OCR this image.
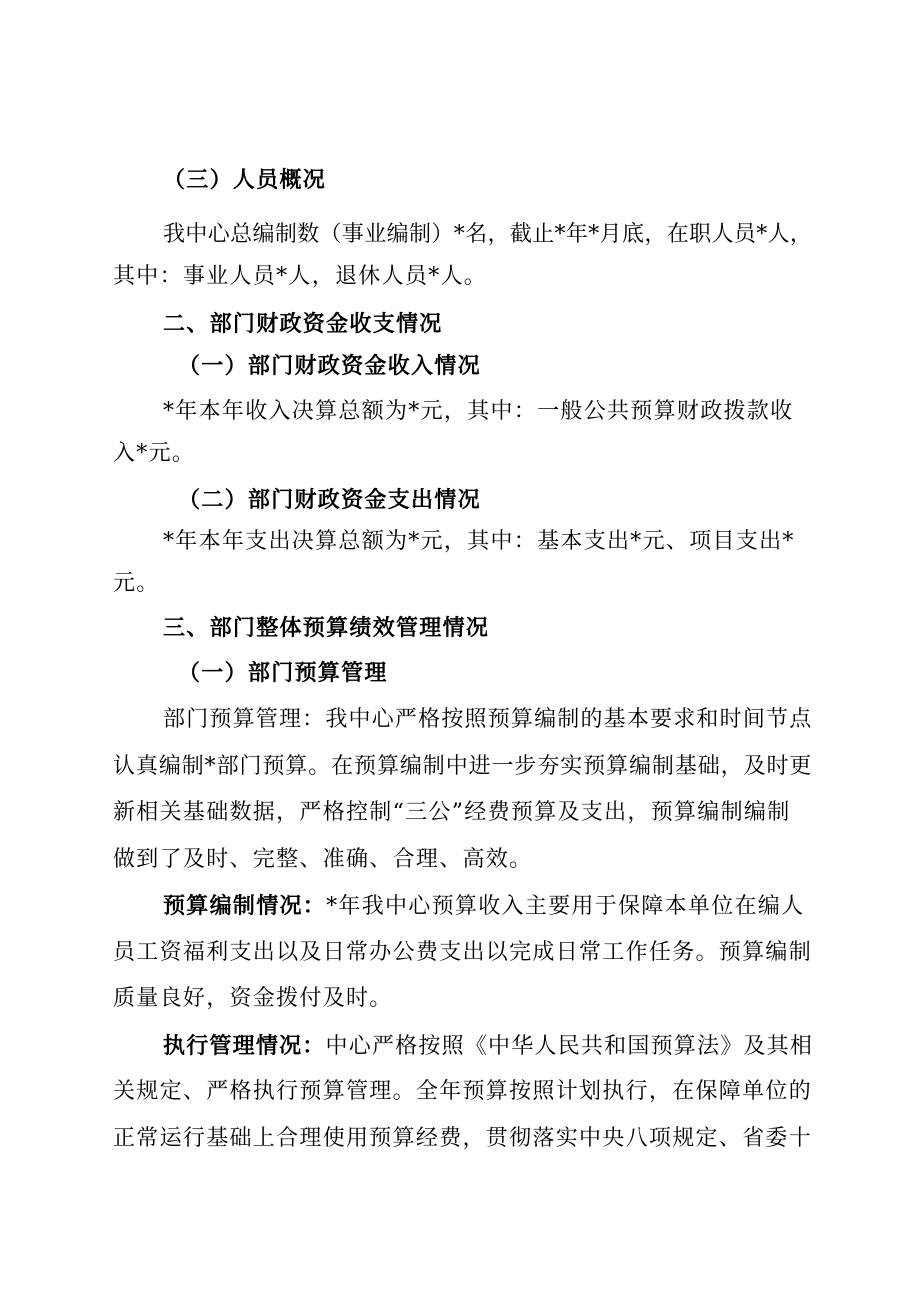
（三）人员概况
我中心总编制数（事业编制）*名，截止*年*月底，在职人员*人，
其中：事业人员*人，退休人员*人。
二、部门财政资金收支情况
（一）部门财政资金收入情况
*年本年收入决算总额为*元，其中：一般公共预算财政拨款收
入*元。
（二）部门财政资金支出情况
*年本年支出决算总额为*元，其中：基本支出*元、项目支出*
元。
三、部门整体预算绩效管理情况
（一）部门预算管理
部门预算管理：我中心严格按照预算编制的基本要求和时间节点
认真编制*部门预算。在预算编制中进一步夯实预算编制基础，及时更
新相关基础数据，严格控制“三公”经费预算及支出，预算编制编制
做到了及时、完整、准确、合理、高效。
预算编制情况：*年我中心预算收入主要用于保障本单位在编人
员工资福利支出以及日常办公费支出以完成日常工作任务。预算编制
质量良好，资金拨付及时。
执行管理情况：中心严格按照《中华人民共和国预算法》及其相
关规定、严格执行预算管理。全年预算按照计划执行，在保障单位的
正常运行基础上合理使用预算经费，贯彻落实中央八项规定、省委十
